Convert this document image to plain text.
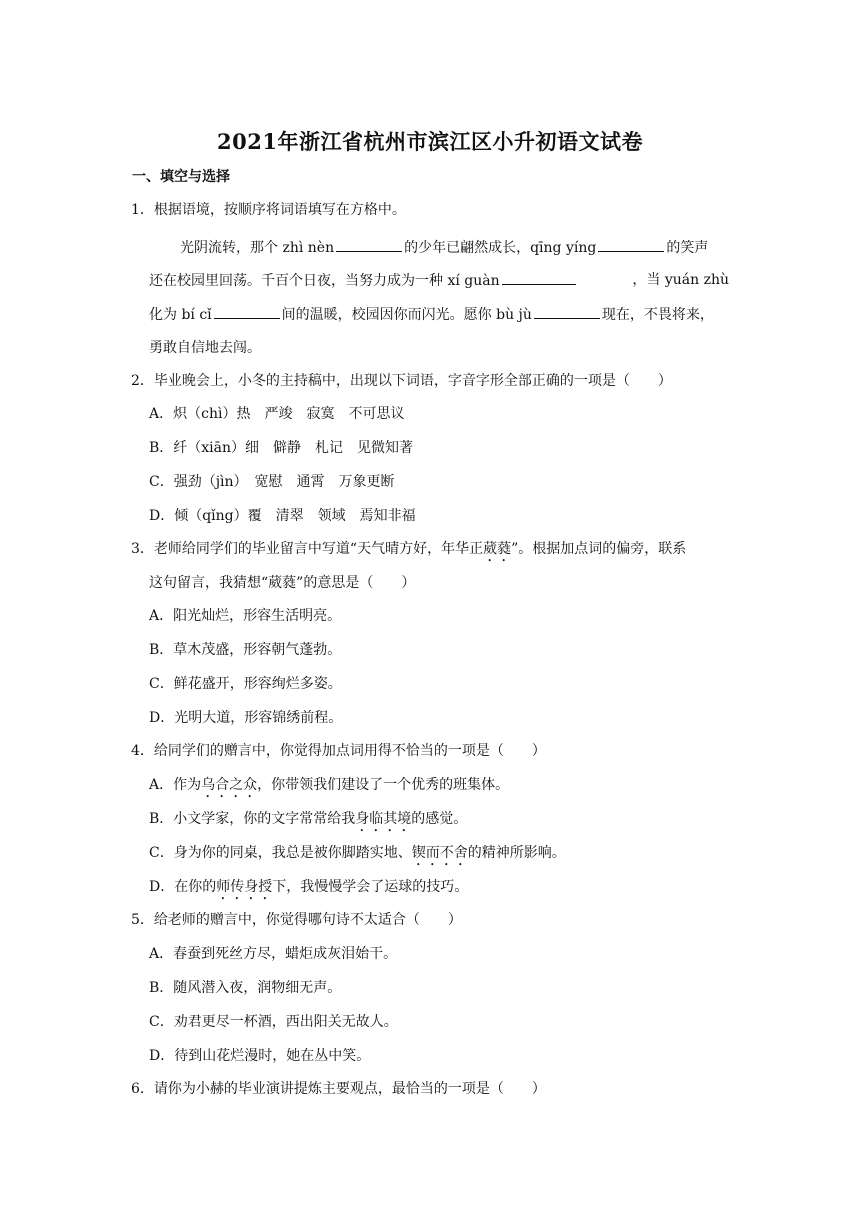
2021年浙江省杭州市滨江区小升初语文试卷
一、填空与选择
1．根据语境，按顺序将词语填写在方格中。
光阴流转，那个 zhì nèn	的少年已翩然成长，qīng yíng	的笑声
还在校园里回荡。千百个日夜，当努力成为一种 xí guàn	，当 yuán zhù
化为 bí cǐ	间的温暖，校园因你而闪光。愿你 bù jù	现在，不畏将来，
勇敢自信地去闯。
2．毕业晚会上，小冬的主持稿中，出现以下词语，字音字形全部正确的一项是（　　）
A．炽（chì）热　严竣　寂寞　不可思议
B．纤（xiān）细　僻静　札记　见微知著
C．强劲（jìn）　宽慰　通霄　万象更断
D．倾（qǐng）覆　清翠　领域　焉知非福
3．老师给同学们的毕业留言中写道“天气晴方好，年华正葳蕤”。根据加点词的偏旁，联系
这句留言，我猜想“葳蕤”的意思是（　　）
A．阳光灿烂，形容生活明亮。
B．草木茂盛，形容朝气蓬勃。
C．鲜花盛开，形容绚烂多姿。
D．光明大道，形容锦绣前程。
4．给同学们的赠言中，你觉得加点词用得不恰当的一项是（　　）
A．作为乌合之众，你带领我们建设了一个优秀的班集体。
B．小文学家，你的文字常常给我身临其境的感觉。
C．身为你的同桌，我总是被你脚踏实地、锲而不舍的精神所影响。
D．在你的师传身授下，我慢慢学会了运球的技巧。
5．给老师的赠言中，你觉得哪句诗不太适合（　　）
A．春蚕到死丝方尽，蜡炬成灰泪始干。
B．随风潜入夜，润物细无声。
C．劝君更尽一杯酒，西出阳关无故人。
D．待到山花烂漫时，她在丛中笑。
6．请你为小赫的毕业演讲提炼主要观点，最恰当的一项是（　　）
